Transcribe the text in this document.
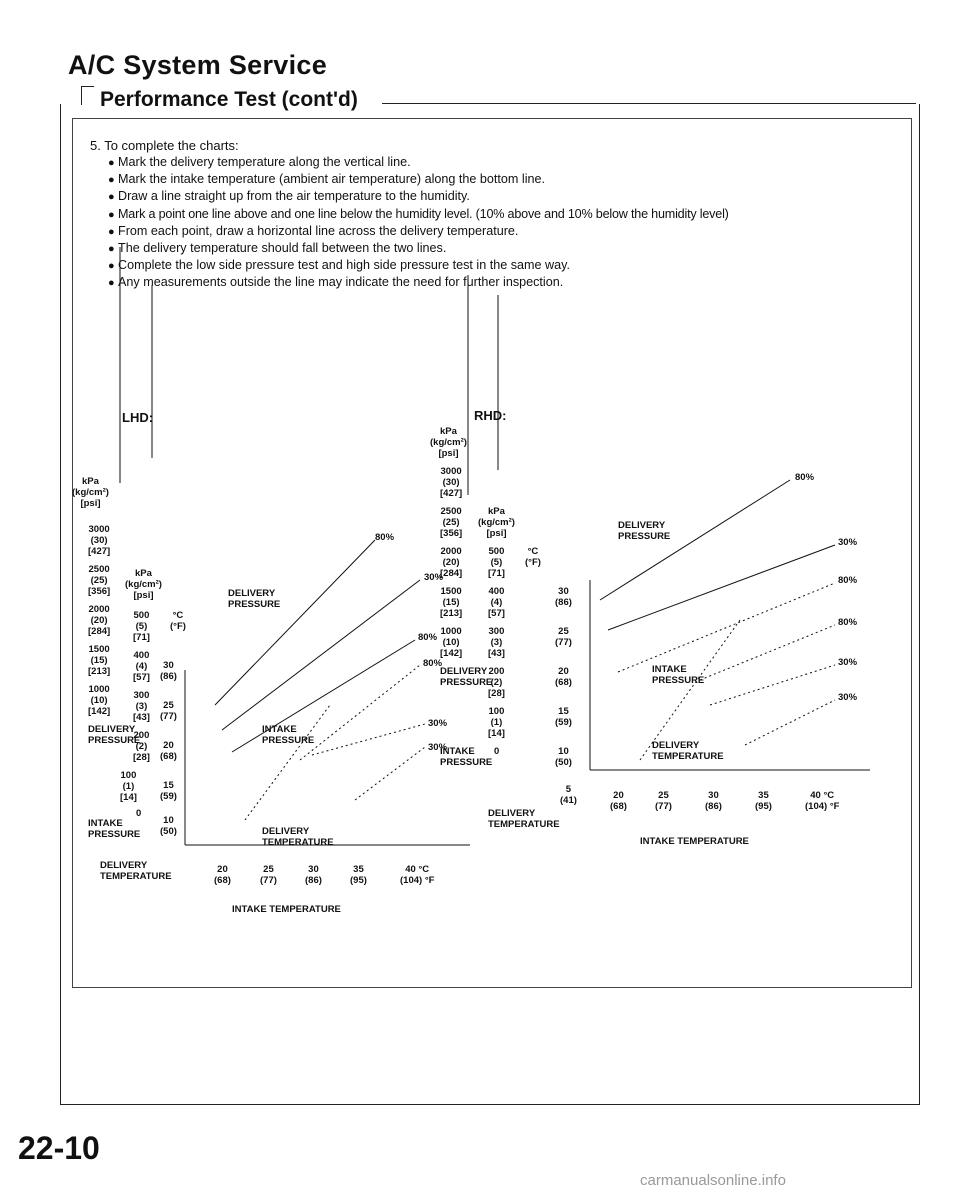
A/C System Service
Performance Test (cont'd)
5. To complete the charts:
● Mark the delivery temperature along the vertical line.
● Mark the intake temperature (ambient air temperature) along the bottom line.
● Draw a line straight up from the air temperature to the humidity.
● Mark a point one line above and one line below the humidity level. (10% above and 10% below the humidity level)
● From each point, draw a horizontal line across the delivery temperature.
● The delivery temperature should fall between the two lines.
● Complete the low side pressure test and high side pressure test in the same way.
● Any measurements outside the line may indicate the need for further inspection.
LHD:
kPa
(kg/cm²)
[psi]
3000
(30)
[427]
2500
(25)
[356]
2000
(20)
[284]
1500
(15)
[213]
1000
(10)
[142]
DELIVERY
PRESSURE
kPa
(kg/cm²)
[psi]
500
(5)
[71]
400
(4)
[57]
300
(3)
[43]
200
(2)
[28]
100
(1)
[14]
0
INTAKE
PRESSURE
°C
(°F)
30
(86)
25
(77)
20
(68)
15
(59)
10
(50)
DELIVERY
TEMPERATURE
20
(68)
25
(77)
30
(86)
35
(95)
40 °C
(104) °F
INTAKE TEMPERATURE
DELIVERY
PRESSURE
INTAKE
PRESSURE
DELIVERY
TEMPERATURE
80%
30%
80%
80%
30%
30%
RHD:
kPa
(kg/cm²)
[psi]
3000
(30)
[427]
2500
(25)
[356]
2000
(20)
[284]
1500
(15)
[213]
1000
(10)
[142]
DELIVERY
PRESSURE
kPa
(kg/cm²)
[psi]
500
(5)
[71]
400
(4)
[57]
300
(3)
[43]
200
(2)
[28]
100
(1)
[14]
0
INTAKE
PRESSURE
°C
(°F)
30
(86)
25
(77)
20
(68)
15
(59)
10
(50)
5
(41)
DELIVERY
TEMPERATURE
20
(68)
25
(77)
30
(86)
35
(95)
40 °C
(104) °F
INTAKE TEMPERATURE
DELIVERY
PRESSURE
INTAKE
PRESSURE
DELIVERY
TEMPERATURE
80%
30%
80%
80%
30%
30%
22-10
carmanualsonline.info
